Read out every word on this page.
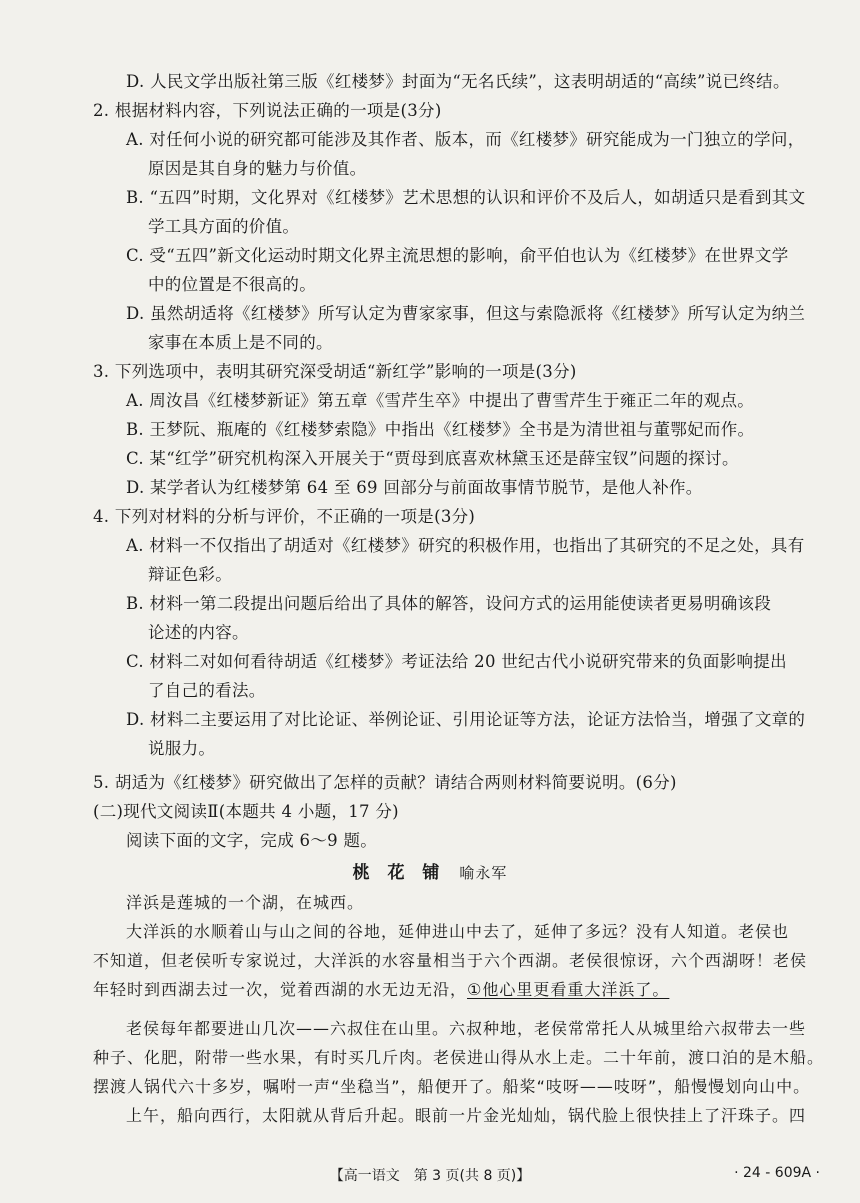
D. 人民文学出版社第三版《红楼梦》封面为“无名氏续”，这表明胡适的“高续”说已终结。
2. 根据材料内容，下列说法正确的一项是(3分)
A. 对任何小说的研究都可能涉及其作者、版本，而《红楼梦》研究能成为一门独立的学问，
原因是其自身的魅力与价值。
B. “五四”时期，文化界对《红楼梦》艺术思想的认识和评价不及后人，如胡适只是看到其文
学工具方面的价值。
C. 受“五四”新文化运动时期文化界主流思想的影响，俞平伯也认为《红楼梦》在世界文学
中的位置是不很高的。
D. 虽然胡适将《红楼梦》所写认定为曹家家事，但这与索隐派将《红楼梦》所写认定为纳兰
家事在本质上是不同的。
3. 下列选项中，表明其研究深受胡适“新红学”影响的一项是(3分)
A. 周汝昌《红楼梦新证》第五章《雪芹生卒》中提出了曹雪芹生于雍正二年的观点。
B. 王梦阮、瓶庵的《红楼梦索隐》中指出《红楼梦》全书是为清世祖与董鄂妃而作。
C. 某“红学”研究机构深入开展关于“贾母到底喜欢林黛玉还是薛宝钗”问题的探讨。
D. 某学者认为红楼梦第 64 至 69 回部分与前面故事情节脱节，是他人补作。
4. 下列对材料的分析与评价，不正确的一项是(3分)
A. 材料一不仅指出了胡适对《红楼梦》研究的积极作用，也指出了其研究的不足之处，具有
辩证色彩。
B. 材料一第二段提出问题后给出了具体的解答，设问方式的运用能使读者更易明确该段
论述的内容。
C. 材料二对如何看待胡适《红楼梦》考证法给 20 世纪古代小说研究带来的负面影响提出
了自己的看法。
D. 材料二主要运用了对比论证、举例论证、引用论证等方法，论证方法恰当，增强了文章的
说服力。
5. 胡适为《红楼梦》研究做出了怎样的贡献？请结合两则材料简要说明。(6分)
(二)现代文阅读Ⅱ(本题共 4 小题，17 分)
阅读下面的文字，完成 6～9 题。
桃 花 铺 喻永军
洋浜是莲城的一个湖，在城西。
大洋浜的水顺着山与山之间的谷地，延伸进山中去了，延伸了多远？没有人知道。老侯也
不知道，但老侯听专家说过，大洋浜的水容量相当于六个西湖。老侯很惊讶，六个西湖呀！老侯
年轻时到西湖去过一次，觉着西湖的水无边无沿，①他心里更看重大洋浜了。
老侯每年都要进山几次——六叔住在山里。六叔种地，老侯常常托人从城里给六叔带去一些
种子、化肥，附带一些水果，有时买几斤肉。老侯进山得从水上走。二十年前，渡口泊的是木船。
摆渡人锅代六十多岁，嘱咐一声“坐稳当”，船便开了。船桨“吱呀——吱呀”，船慢慢划向山中。
上午，船向西行，太阳就从背后升起。眼前一片金光灿灿，锅代脸上很快挂上了汗珠子。四
【高一语文　第 3 页(共 8 页)】	· 24 - 609A ·
